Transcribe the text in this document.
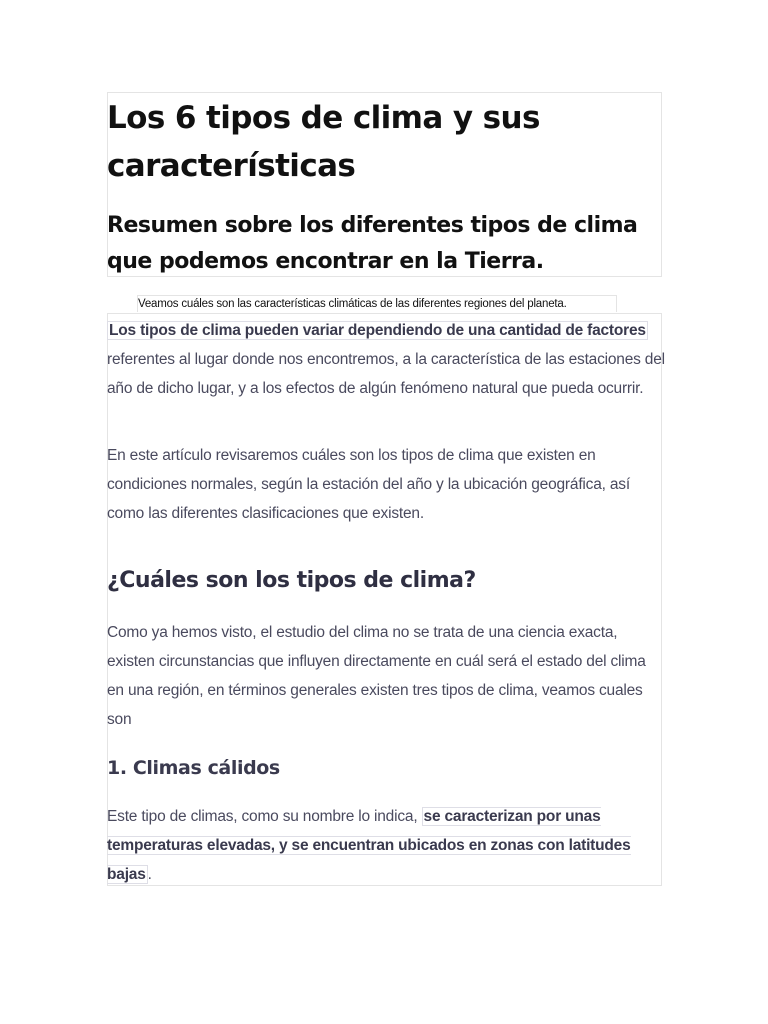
Los 6 tipos de clima y sus características
Resumen sobre los diferentes tipos de clima que podemos encontrar en la Tierra.

Veamos cuáles son las características climáticas de las diferentes regiones del planeta.

Los tipos de clima pueden variar dependiendo de una cantidad de factores referentes al lugar donde nos encontremos, a la característica de las estaciones del año de dicho lugar, y a los efectos de algún fenómeno natural que pueda ocurrir.

En este artículo revisaremos cuáles son los tipos de clima que existen en condiciones normales, según la estación del año y la ubicación geográfica, así como las diferentes clasificaciones que existen.

¿Cuáles son los tipos de clima?

Como ya hemos visto, el estudio del clima no se trata de una ciencia exacta, existen circunstancias que influyen directamente en cuál será el estado del clima en una región, en términos generales existen tres tipos de clima, veamos cuales son

1. Climas cálidos

Este tipo de climas, como su nombre lo indica, se caracterizan por unas temperaturas elevadas, y se encuentran ubicados en zonas con latitudes bajas .
